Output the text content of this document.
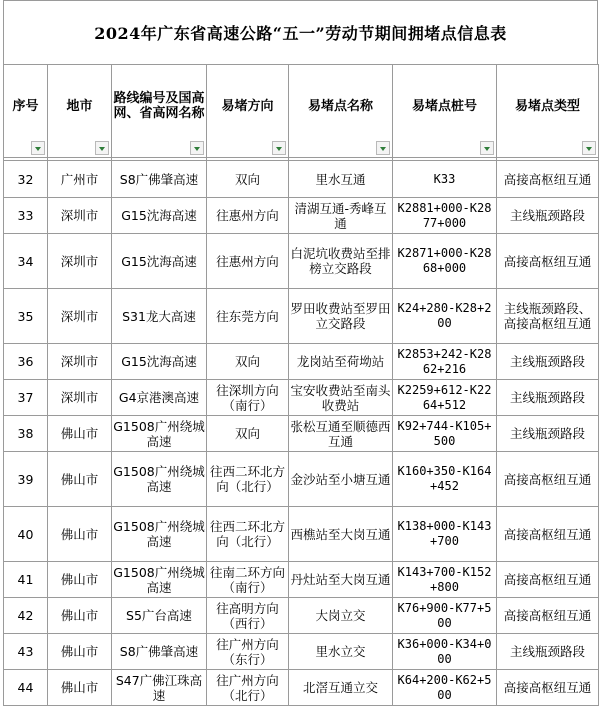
2024年广东省高速公路“五一”劳动节期间拥堵点信息表
序号	地市	路线编号及国高网、省高网名称	易堵方向	易堵点名称	易堵点桩号	易堵点类型

32	广州市	S8广佛肇高速	双向	里水互通	K33	高接高枢纽互通
33	深圳市	G15沈海高速	往惠州方向	清湖互通-秀峰互通	K2881+000-K2877+000	主线瓶颈路段
34	深圳市	G15沈海高速	往惠州方向	白泥坑收费站至排榜立交路段	K2871+000-K2868+000	高接高枢纽互通
35	深圳市	S31龙大高速	往东莞方向	罗田收费站至罗田立交路段	K24+280-K28+200	主线瓶颈路段、高接高枢纽互通
36	深圳市	G15沈海高速	双向	龙岗站至荷坳站	K2853+242-K2862+216	主线瓶颈路段
37	深圳市	G4京港澳高速	往深圳方向（南行）	宝安收费站至南头收费站	K2259+612-K2264+512	主线瓶颈路段
38	佛山市	G1508广州绕城高速	双向	张松互通至顺德西互通	K92+744-K105+500	主线瓶颈路段
39	佛山市	G1508广州绕城高速	往西二环北方向（北行）	金沙站至小塘互通	K160+350-K164+452	高接高枢纽互通
40	佛山市	G1508广州绕城高速	往西二环北方向（北行）	西樵站至大岗互通	K138+000-K143+700	高接高枢纽互通
41	佛山市	G1508广州绕城高速	往南二环方向（南行）	丹灶站至大岗互通	K143+700-K152+800	高接高枢纽互通
42	佛山市	S5广台高速	往高明方向（西行）	大岗立交	K76+900-K77+500	高接高枢纽互通
43	佛山市	S8广佛肇高速	往广州方向（东行）	里水立交	K36+000-K34+000	主线瓶颈路段
44	佛山市	S47广佛江珠高速	往广州方向（北行）	北滘互通立交	K64+200-K62+500	高接高枢纽互通
